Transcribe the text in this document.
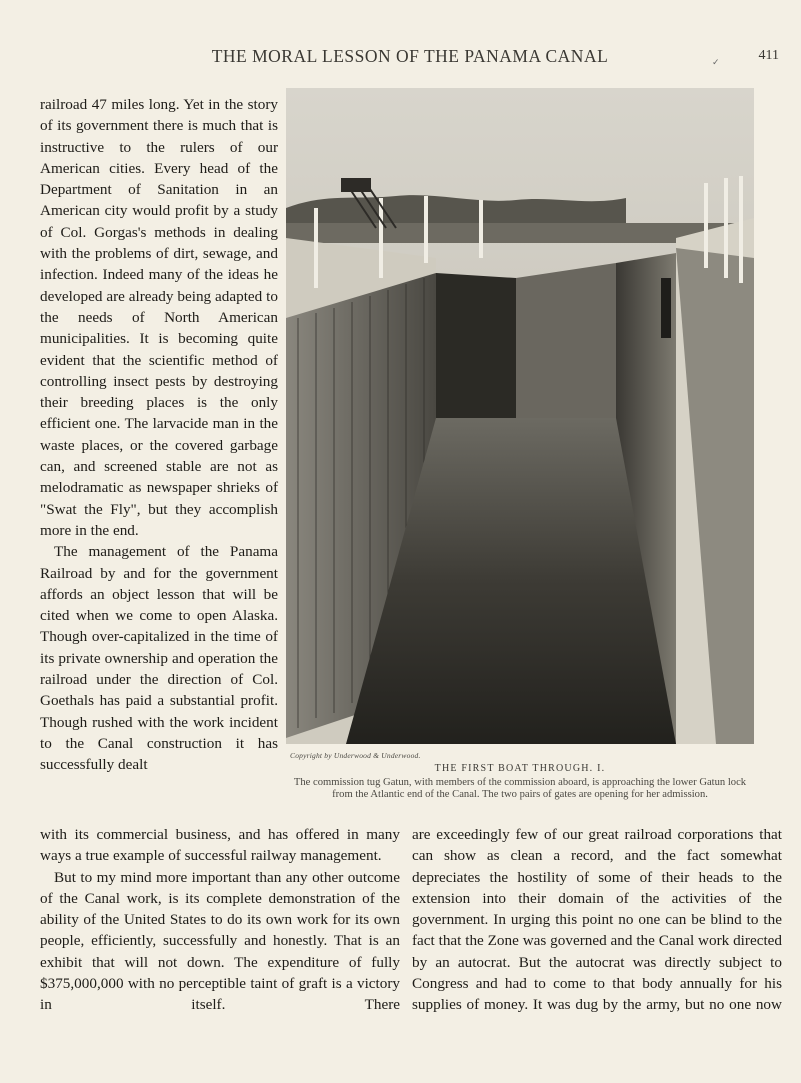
THE MORAL LESSON OF THE PANAMA CANAL	✓	411

railroad 47 miles long. Yet in the story of its government there is much that is instructive to the rulers of our American cities. Every head of the Department of Sanitation in an American city would profit by a study of Col. Gorgas's methods in dealing with the problems of dirt, sewage, and infection. Indeed many of the ideas he developed are already being adapted to the needs of North American municipalities. It is becoming quite evident that the scientific method of controlling insect pests by destroying their breeding places is the only efficient one. The larvacide man in the waste places, or the covered garbage can, and screened stable are not as melodramatic as newspaper shrieks of "Swat the Fly", but they accomplish more in the end.

The management of the Panama Railroad by and for the government affords an object lesson that will be cited when we come to open Alaska. Though over-capitalized in the time of its private ownership and operation the railroad under the direction of Col. Goethals has paid a substantial profit. Though rushed with the work incident to the Canal construction it has successfully dealt

Copyright by Underwood & Underwood.
THE FIRST BOAT THROUGH. I.
The commission tug Gatun, with members of the commission aboard, is approaching the lower Gatun lock from the Atlantic end of the Canal. The two pairs of gates are opening for her admission.

with its commercial business, and has offered in many ways a true example of successful railway management.

But to my mind more important than any other outcome of the Canal work, is its complete demonstration of the ability of the United States to do its own work for its own people, efficiently, successfully and honestly. That is an exhibit that will not down. The expenditure of fully $375,000,000 with no perceptible taint of graft is a victory in itself. There

are exceedingly few of our great railroad corporations that can show as clean a record, and the fact somewhat depreciates the hostility of some of their heads to the extension into their domain of the activities of the government. In urging this point no one can be blind to the fact that the Zone was governed and the Canal work directed by an autocrat. But the autocrat was directly subject to Congress and had to come to that body annually for his supplies of money. It was dug by the army, but no one now
